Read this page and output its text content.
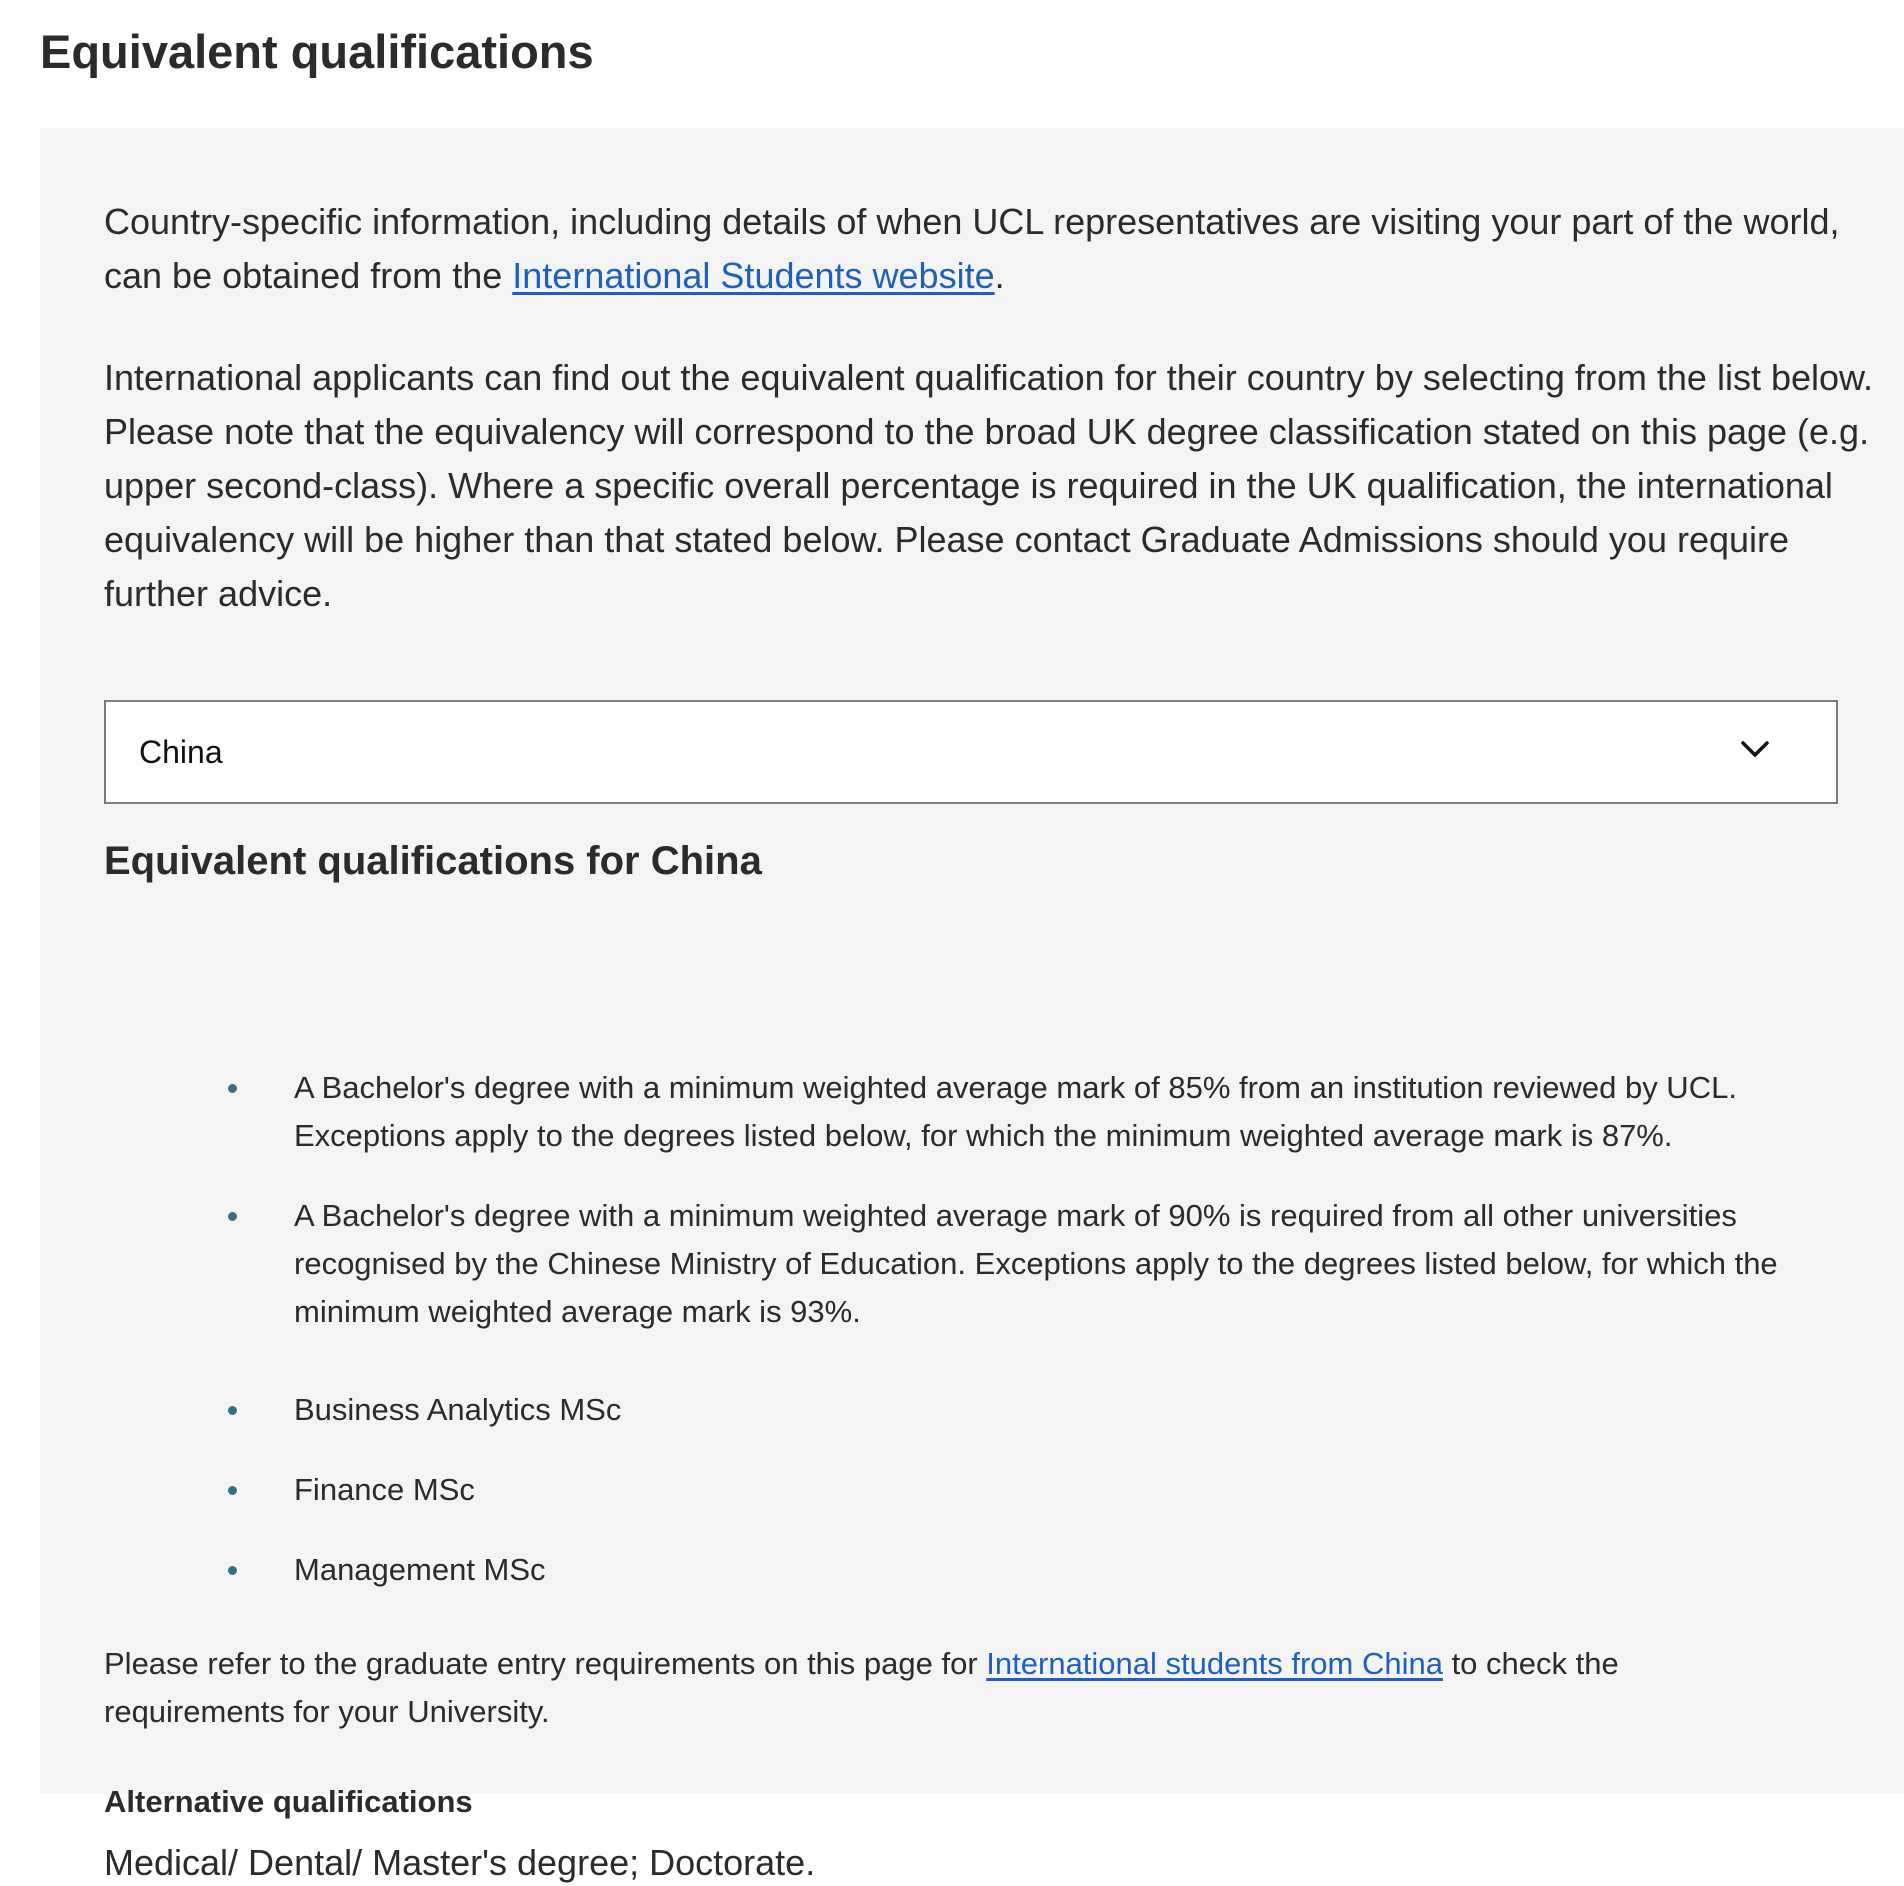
Equivalent qualifications

Country-specific information, including details of when UCL representatives are visiting your part of the world, can be obtained from the International Students website.

International applicants can find out the equivalent qualification for their country by selecting from the list below. Please note that the equivalency will correspond to the broad UK degree classification stated on this page (e.g. upper second-class). Where a specific overall percentage is required in the UK qualification, the international equivalency will be higher than that stated below. Please contact Graduate Admissions should you require further advice.

China
Equivalent qualifications for China

A Bachelor's degree with a minimum weighted average mark of 85% from an institution reviewed by UCL. Exceptions apply to the degrees listed below, for which the minimum weighted average mark is 87%.

A Bachelor's degree with a minimum weighted average mark of 90% is required from all other universities recognised by the Chinese Ministry of Education. Exceptions apply to the degrees listed below, for which the minimum weighted average mark is 93%.

Business Analytics MSc

Finance MSc

Management MSc

Please refer to the graduate entry requirements on this page for International students from China to check the requirements for your University.

Alternative qualifications

Medical/ Dental/ Master's degree; Doctorate.
